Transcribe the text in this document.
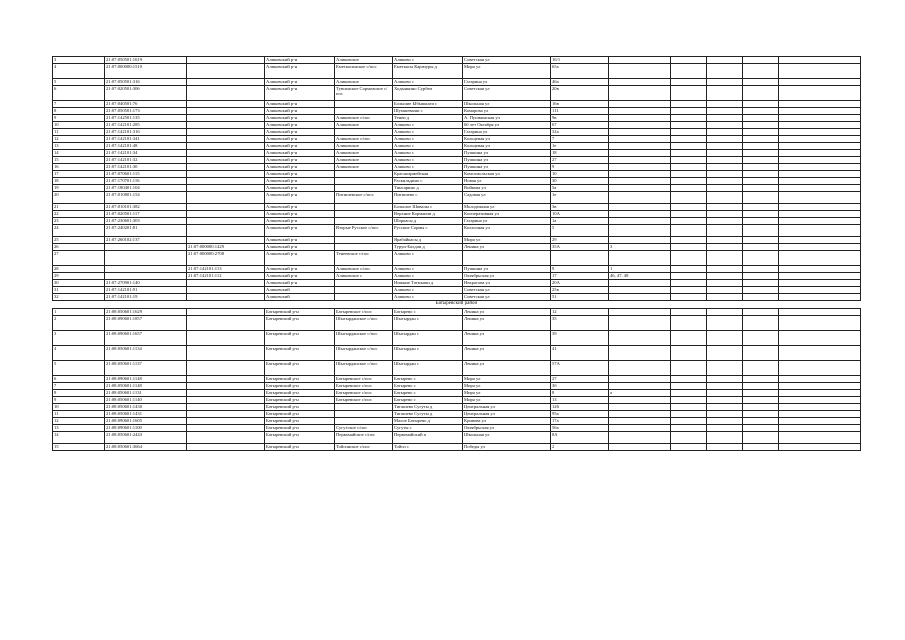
3	21:07:050501:1619		Аликовский р-н	Аликовское	Аликово с	Советская ул	16/1					
4	21:07:000000:1510		Аликовский р-н	Еметкасинское с/пос	Еметкасы Карачуры д	Мира ул	65а					
5	21:07:050501:316		Аликовский р-н	Аликовское	Аликово с	Гагарина ул	46а					
6	21:07:020501:306		Аликовский р-н	Тувсинское Сормовское с/пос	Ходынкино Сурбеи	Советская ул	20в					
7	21:07:040501:76		Аликовский р-н		Большие Ыбышкаги с	Школьная ул	16в					
8	21:07:050501:173		Аликовский р-н		Шумшеваши с	Комарова ул	111					
9	21:07:142501:135		Аликовский р-н	Аликовское с/пос	Тенеи д	А. Пушкинская ул	9в					
10	21:07:142101:285		Аликовский р-н	Аликовское	Аликово с	60 лет Октября ул	67					
11	21:07:142101:316		Аликовский р-н		Аликово с	Гагарина ул	32а					
12	21:07:142101:341		Аликовский р-н	Аликовское с/пос	Аликово с	Кольцевая ул	7					
13	21:07:142101:48		Аликовский р-н	Аликовское	Аликово с	Кольцевая ул	1е					
14	21:07:142101:34		Аликовский р-н	Аликовское	Аликово с	Пушкина ул	18					
15	21:07:142101:32		Аликовский р-н	Аликовское	Аликово с	Пушкина ул	27					
16	21:07:142101:30		Аликовский р-н	Аликовское	Аликово с	Пушкина ул	9					
17	21:07:070601:115		Аликовский р-н		Красноармейская	Комсомольская ул	10					
18	21:07:170701:116		Аликовский р-н		Раскильдино с	Новая ул	30					
19	21:07:180401:104		Аликовский р-н		Тинсарино д	Войкова ул	5а					
20	21:07:010801:154		Аликовский р-н	Питишевское с/пос	Питишево с	Садовая ул	1е					
21	21:07:010101:382		Аликовский р-н		Большое Шивалы с	Молодежная ул	3в					
22	21:07:020501:117		Аликовский р-н		Верхние Корманчи д	Кооперативная ул	10А					
23	21:07:230601:303		Аликовский р-н		Шоркасы д	Гагарина ул	1а					
24	21:07:240201:81		Аликовский р-н	Вторые Русское с/пос	Русские Сормы с	Колхозная ул	5					
25	21:07:260102:137		Аликовский р-н		Ярабайкасы д	Мира ул	29					
26		21:07:000000:1429	Аликовский р-н		Туруи-Балдаи д	Ленина ул	35А	3				
27		21:07:000000:2708	Аликовский р-н	Тенеевское с/пос	Аликово с							
28		21:07:142101:113	Аликовский р-н	Аликовское с/пос	Аликово с	Пушкина ул	9	1				
29		21:07:142101:112	Аликовский р-н	Аликовское с	Аликово с	Октябрьская ул	17	46, 47, 48				
30	21:07:270901:140		Аликовский р-н		Нижние Татмыши д	Некрасова ул	20А					
31	21:07:142101:91		Аликовский		Аликово с	Советская ул	25в					
32	21:07:142101:19		Аликовский		Аликово с	Советская ул	51					
Батыревский район												
1	21:08:050601:1629		Батыревский р-н	Батыревское с/пос	Батырево с	Ленина ул	12					
2	21:08:090601:1857		Батыревский р-н	Шыгырданское с/пос	Шыгырдан с	Ленина ул	35					
3	21:08:090601:1657		Батыревский р-н	Шыгырданское с/пос	Шыгырдан с	Ленина ул	39					
4	21:08:050601:1134		Батыревский р-н	Шыгырданское с/пос	Шыгырдан с	Ленина ул	41					
5	21:08:050601:1137		Батыревский р-н	Шыгырданское с/пос	Шыгырдан с	Ленина ул	57А					
6	21:08:090601:1148		Батыревский р-н	Батыревское с/пос	Батырево с	Мира ул	27					
7	21:08:050601:1148		Батыревский р-н	Батыревское с/пос	Батырево с	Мира ул	3б					
8	21:08:050601:1131		Батыревский р-н	Батыревское с/пос	Батырево с	Мира ул	8	а				
9	21:08:050601:1140		Батыревский р-н	Батыревское с/пос	Батырево с	Мира ул	13					
10	21:08:050601:1430		Батыревский р-н		Тигашево Сугуты д	Центральная ул	126					
11	21:08:050601:1431		Батыревский р-н		Тигашево Сугуты д	Центральная ул	95а					
12	21:08:090601:1605		Батыревский р-н		Малое Батырево д	Кривова ул	17а					
13	21:08:090601:1100		Батыревский р-н	Сугутское с/пос	Сугуты с	Октябрьская ул	56а					
14	21:08:050601:2443		Батыревский р-н	Первомайское с/пос	Первомайский п	Школьная ул	8А					
15	21:08:050601:3664		Батыревский р-н	Тойсинское с/пос	Тойси с	Победы ул	2					
